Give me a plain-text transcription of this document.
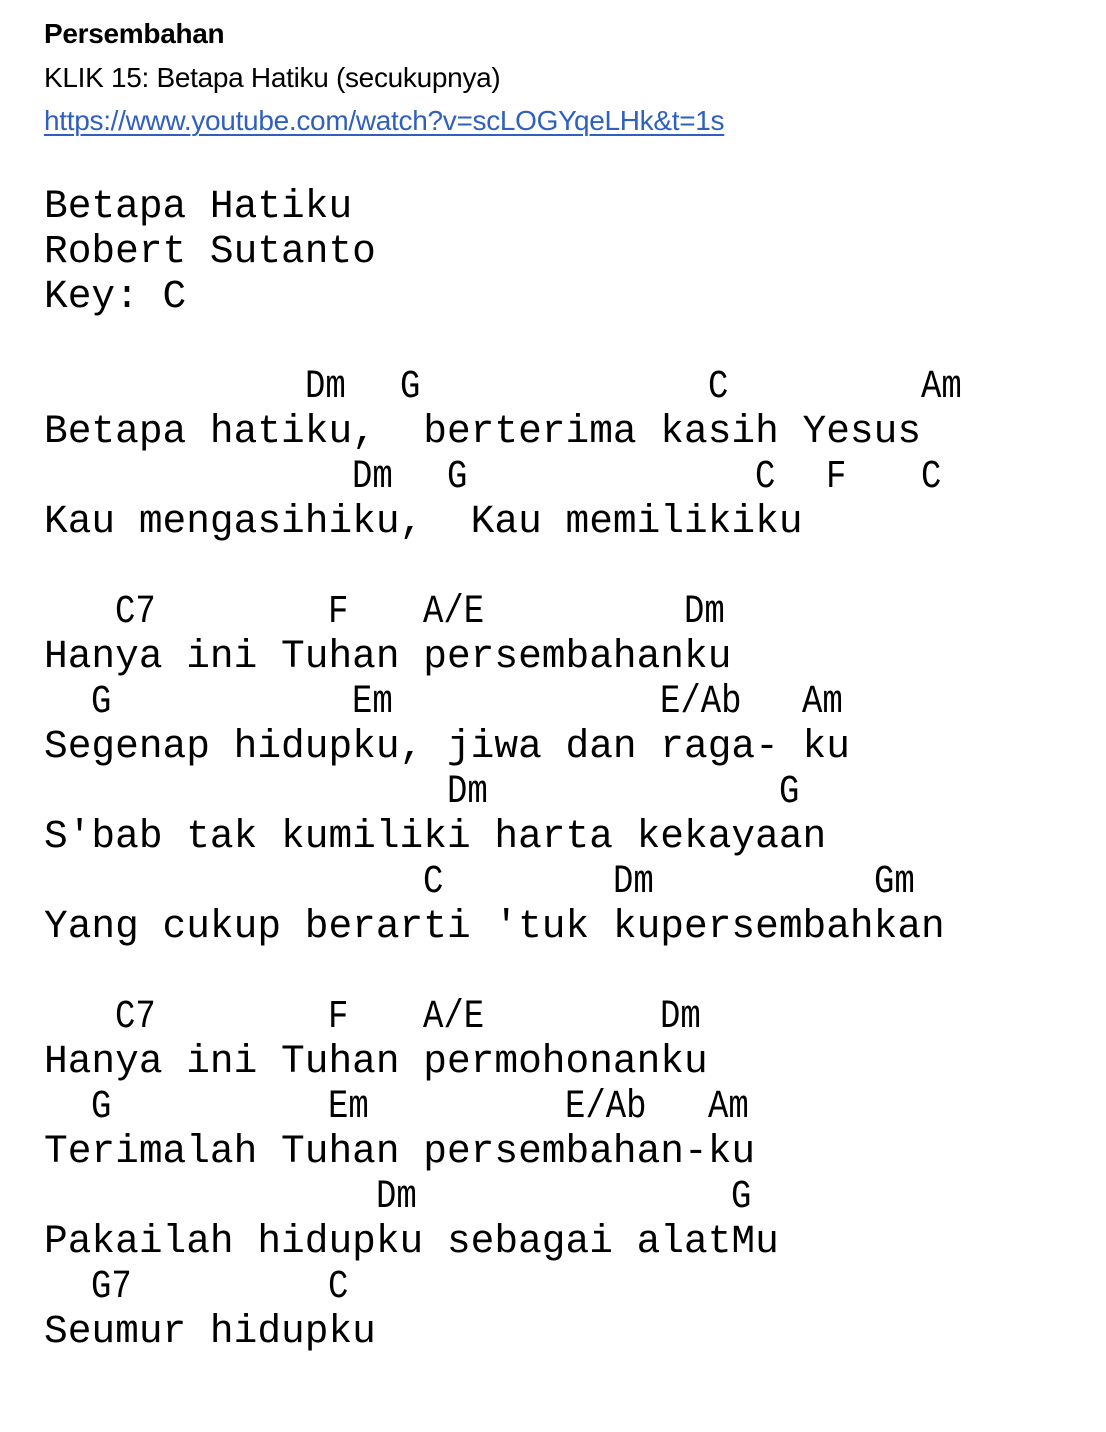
Persembahan
KLIK 15: Betapa Hatiku (secukupnya)
https://www.youtube.com/watch?v=scLOGYqeLHk&t=1s
Betapa Hatiku
Robert Sutanto
Key: C
Dm G	C	Am
Betapa hatiku,  berterima kasih Yesus
Dm G	C F C
Kau mengasihiku,  Kau memilikiku
C7	F A/E	Dm
Hanya ini Tuhan persembahanku
G	Em	E/Ab Am
Segenap hidupku, jiwa dan raga- ku
Dm	G
S'bab tak kumiliki harta kekayaan
C	Dm	Gm
Yang cukup berarti 'tuk kupersembahkan
C7	F A/E	Dm
Hanya ini Tuhan permohonanku
G	Em	E/Ab Am
Terimalah Tuhan persembahan-ku
Dm	G
Pakailah hidupku sebagai alatMu
G7	C
Seumur hidupku
